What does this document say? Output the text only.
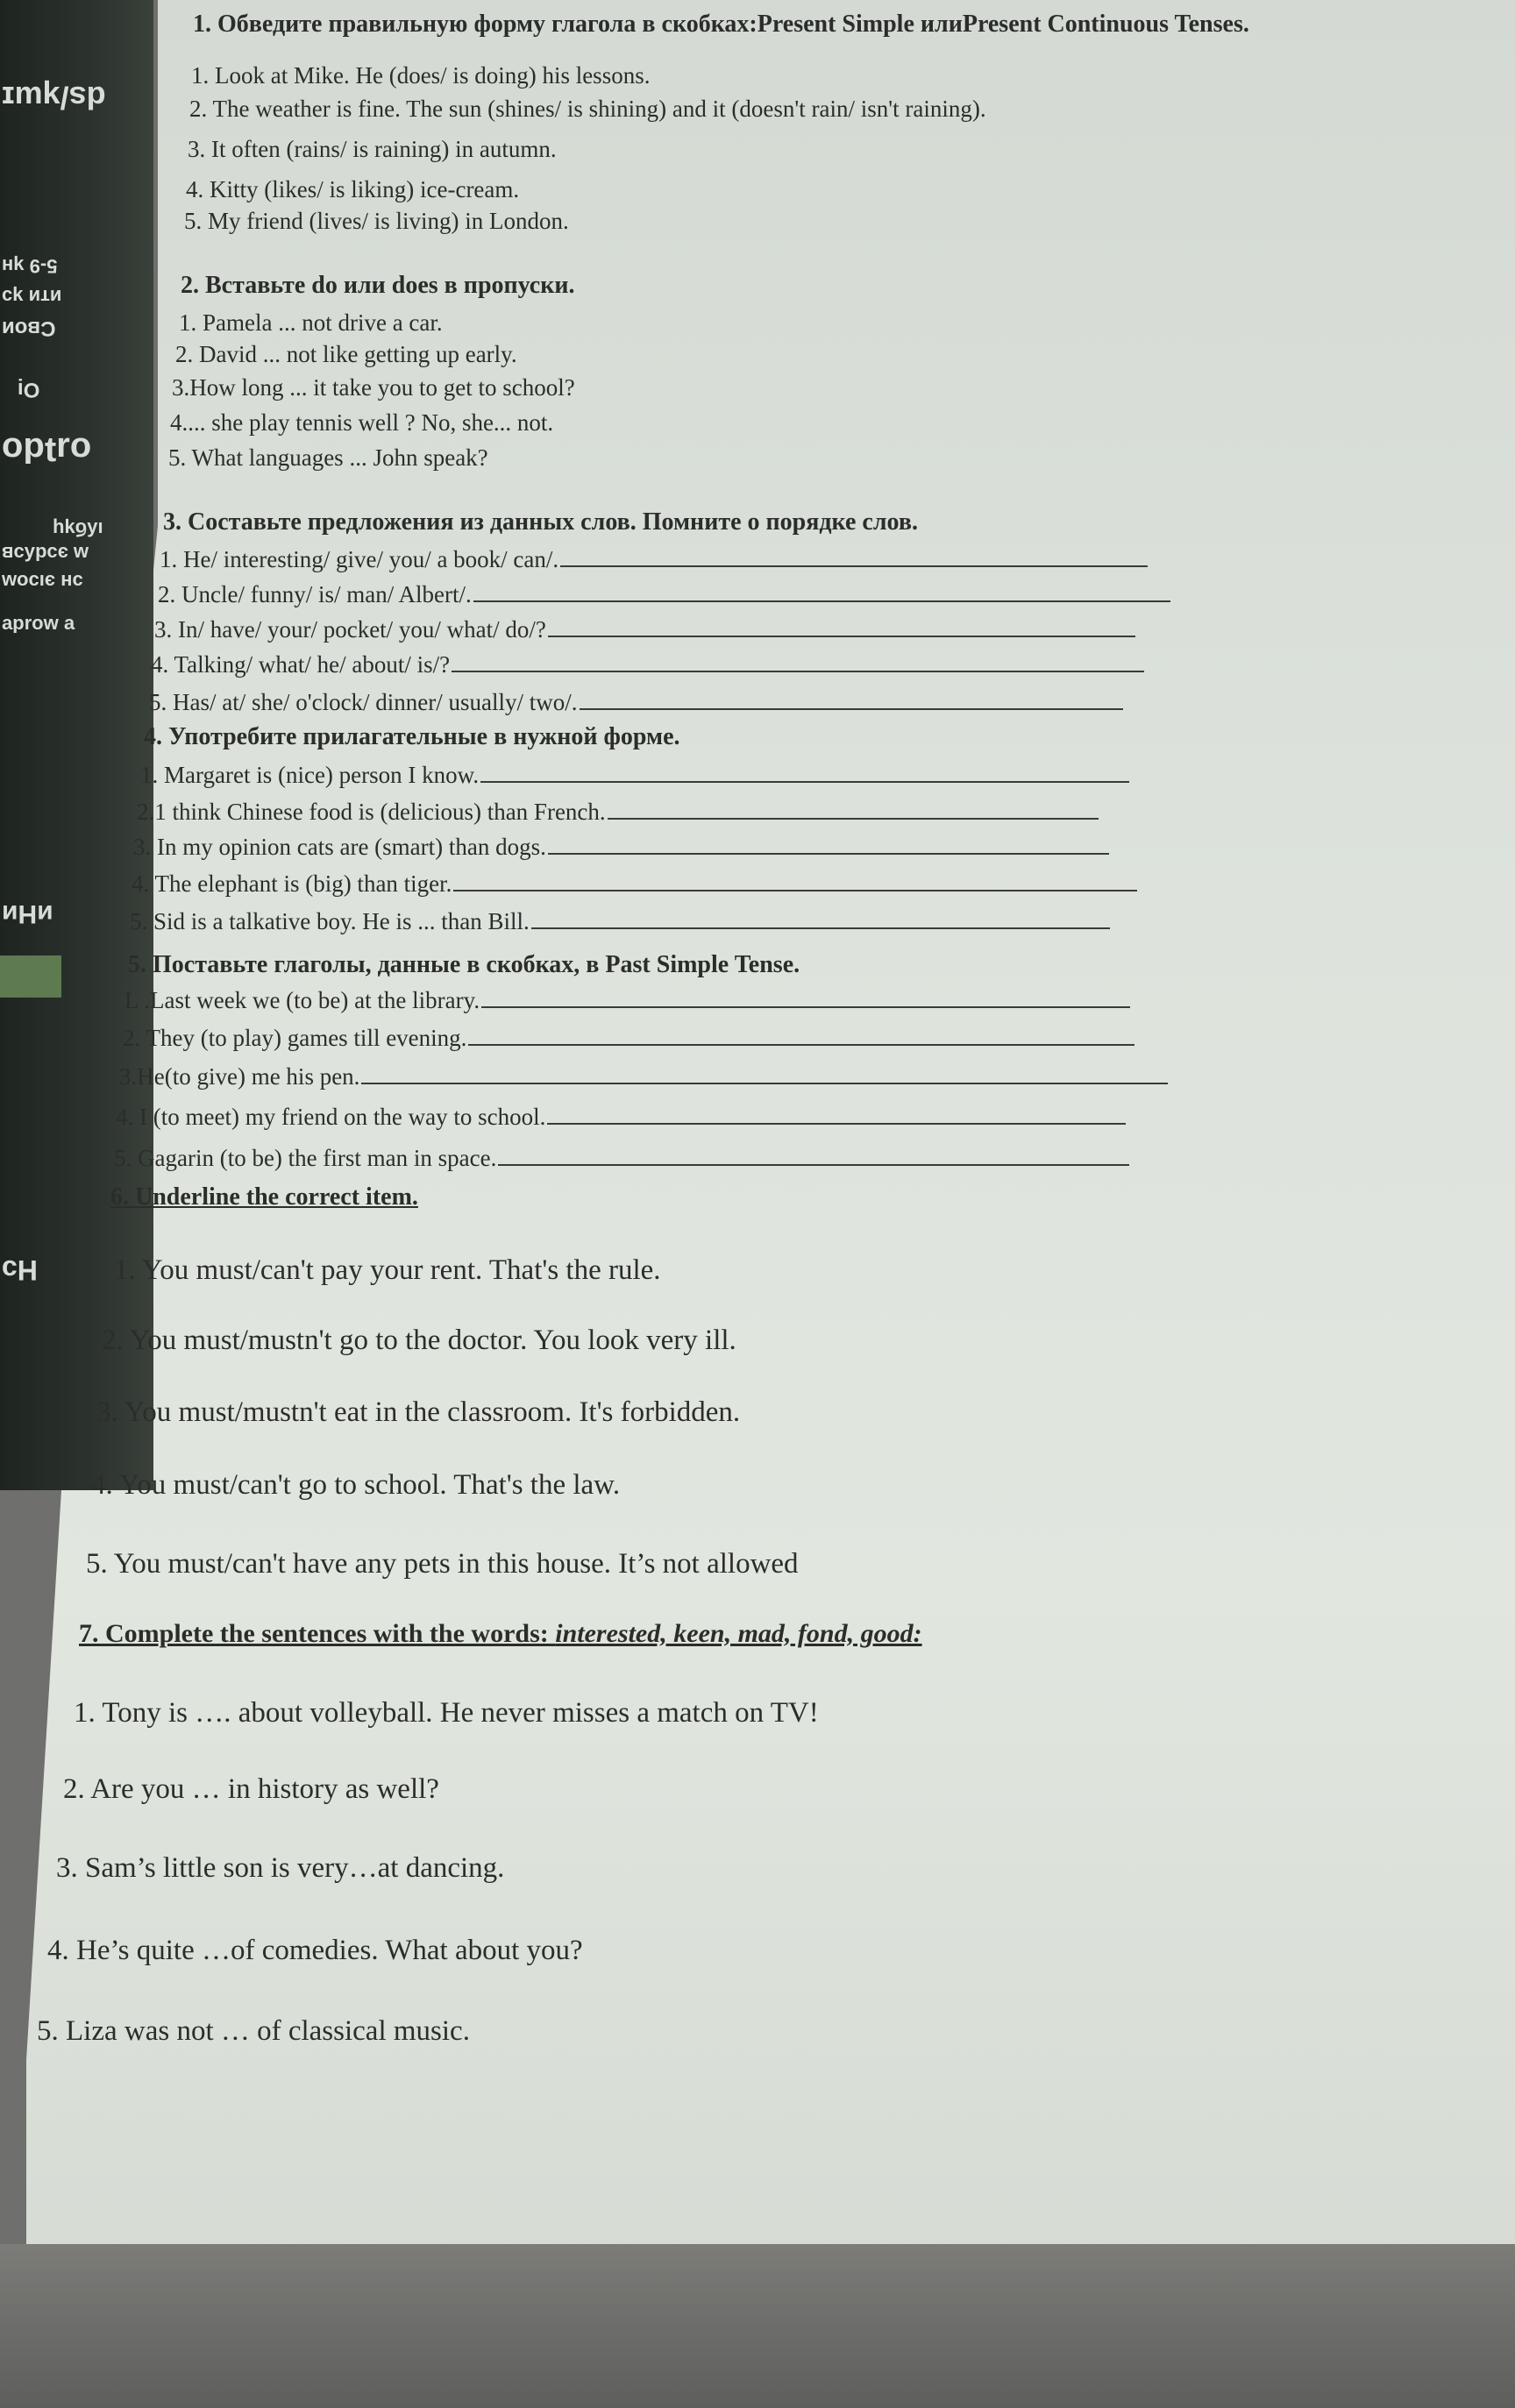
ds/ʞɯɪ
5-9 ʞн
ᴎᴛᴎ ʞɔ
Cʙoᴎ
Oᴉ
oɹʇdo
ıʎбʞɥ
ʍ эɔdʎɔʙ
ɔн эıɔoʍ
ɐ ʍoɹdɐ
ᴎНᴎ
Hɔ
1. Обведите правильную форму глагола в скобках:Present Simple илиPresent Continuous Tenses.
1. Look at Mike. He (does/ is doing) his lessons.
2. The weather is fine. The sun (shines/ is shining) and it (doesn't rain/ isn't raining).
3. It often (rains/ is raining) in autumn.
4. Kitty (likes/ is liking) ice-cream.
5. My friend (lives/ is living) in London.
2. Вставьте do или does в пропуски.
1. Pamela ... not drive a car.
2. David ... not like getting up early.
3.How long ... it take you to get to school?
4.... she play tennis well ? No, she... not.
5. What languages ... John speak?
3. Составьте предложения из данных слов. Помните о порядке слов.
1. He/ interesting/ give/ you/ a book/ can/.
2. Uncle/ funny/ is/ man/ Albert/.
3. In/ have/ your/ pocket/ you/ what/ do/?
4. Talking/ what/ he/ about/ is/?
5. Has/ at/ she/ o'clock/ dinner/ usually/ two/.
4. Употребите прилагательные в нужной форме.
1. Margaret is (nice) person I know.
2.1 think Chinese food is (delicious) than French.
3. In my opinion cats are (smart) than dogs.
4. The elephant is (big) than tiger.
5. Sid is a talkative boy. He is ... than Bill.
5. Поставьте глаголы, данные в скобках, в Past Simple Tense.
L .Last week we (to be) at the library.
2. They (to play) games till evening.
3.He(to give) me his pen.
4. I (to meet) my friend on the way to school.
5. Gagarin (to be) the first man in space.
6. Underline the correct item.
1. You must/can't pay your rent. That's the rule.
2. You must/mustn't go to the doctor. You look very ill.
3. You must/mustn't eat in the classroom. It's forbidden.
4. You must/can't go to school. That's the law.
5. You must/can't have any pets in this house. It’s not allowed
7. Complete the sentences with the words: interested, keen, mad, fond, good:
1. Tony is …. about volleyball. He never misses a match on TV!
2. Are you … in history as well?
3. Sam’s little son is very…at dancing.
4. He’s quite …of comedies. What about you?
5. Liza was not … of classical music.
